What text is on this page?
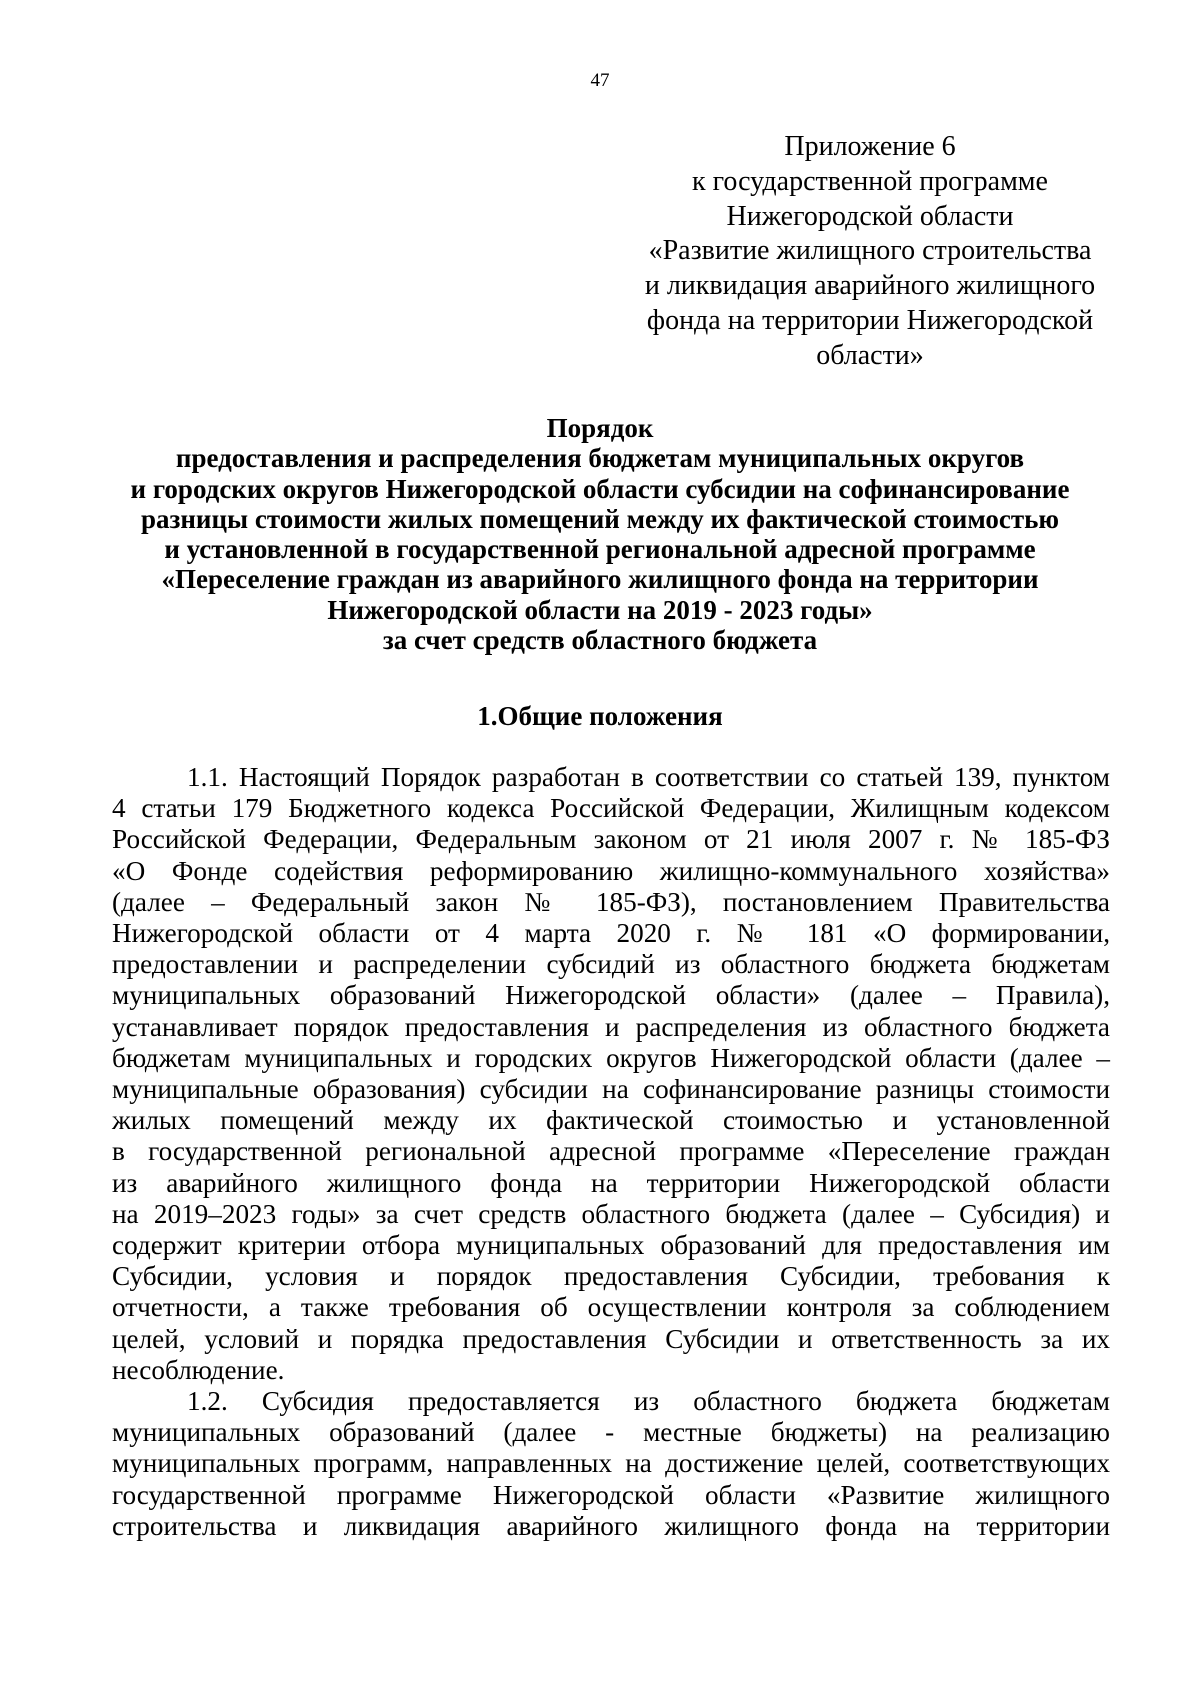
47
Приложение 6
к государственной программе
Нижегородской области
«Развитие жилищного строительства
и ликвидация аварийного жилищного
фонда на территории Нижегородской
области»
Порядок
предоставления и распределения бюджетам муниципальных округов
и городских округов Нижегородской области субсидии на софинансирование
разницы стоимости жилых помещений между их фактической стоимостью
и установленной в государственной региональной адресной программе
«Переселение граждан из аварийного жилищного фонда на территории
Нижегородской области на 2019 - 2023 годы»
за счет средств областного бюджета
1.Общие положения
1.1. Настоящий Порядок разработан в соответствии со статьей 139, пунктом
4 статьи 179 Бюджетного кодекса Российской Федерации, Жилищным кодексом
Российской Федерации, Федеральным законом от 21 июля 2007 г. № 185-ФЗ
«О Фонде содействия реформированию жилищно-коммунального хозяйства»
(далее – Федеральный закон № 185-ФЗ), постановлением Правительства
Нижегородской области от 4 марта 2020 г. № 181 «О формировании,
предоставлении и распределении субсидий из областного бюджета бюджетам
муниципальных образований Нижегородской области» (далее – Правила),
устанавливает порядок предоставления и распределения из областного бюджета
бюджетам муниципальных и городских округов Нижегородской области (далее –
муниципальные образования) субсидии на софинансирование разницы стоимости
жилых помещений между их фактической стоимостью и установленной
в государственной региональной адресной программе «Переселение граждан
из аварийного жилищного фонда на территории Нижегородской области
на 2019–2023 годы» за счет средств областного бюджета (далее – Субсидия) и
содержит критерии отбора муниципальных образований для предоставления им
Субсидии, условия и порядок предоставления Субсидии, требования к
отчетности, а также требования об осуществлении контроля за соблюдением
целей, условий и порядка предоставления Субсидии и ответственность за их
несоблюдение.
1.2. Субсидия предоставляется из областного бюджета бюджетам
муниципальных образований (далее - местные бюджеты) на реализацию
муниципальных программ, направленных на достижение целей, соответствующих
государственной программе Нижегородской области «Развитие жилищного
строительства и ликвидация аварийного жилищного фонда на территории
